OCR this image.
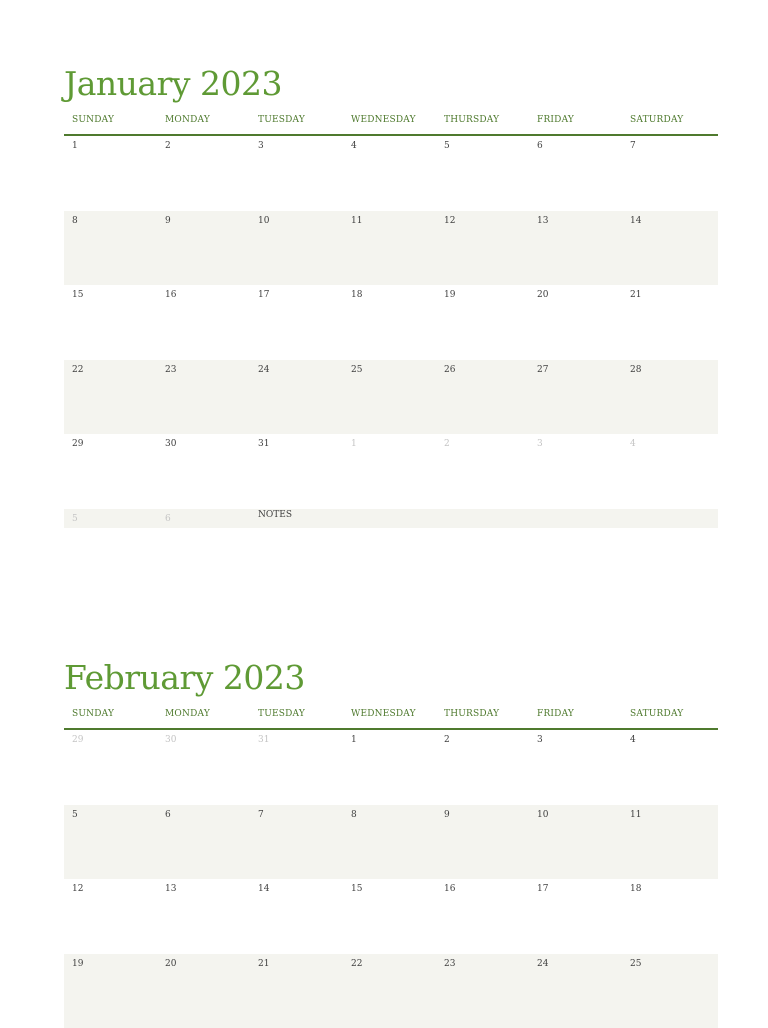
January 2023
SUNDAY	MONDAY	TUESDAY	WEDNESDAY	THURSDAY	FRIDAY	SATURDAY
1	2	3	4	5	6	7
8	9	10	11	12	13	14
15	16	17	18	19	20	21
22	23	24	25	26	27	28
29	30	31	1	2	3	4
5	6	NOTES
February 2023
SUNDAY	MONDAY	TUESDAY	WEDNESDAY	THURSDAY	FRIDAY	SATURDAY
29	30	31	1	2	3	4
5	6	7	8	9	10	11
12	13	14	15	16	17	18
19	20	21	22	23	24	25
